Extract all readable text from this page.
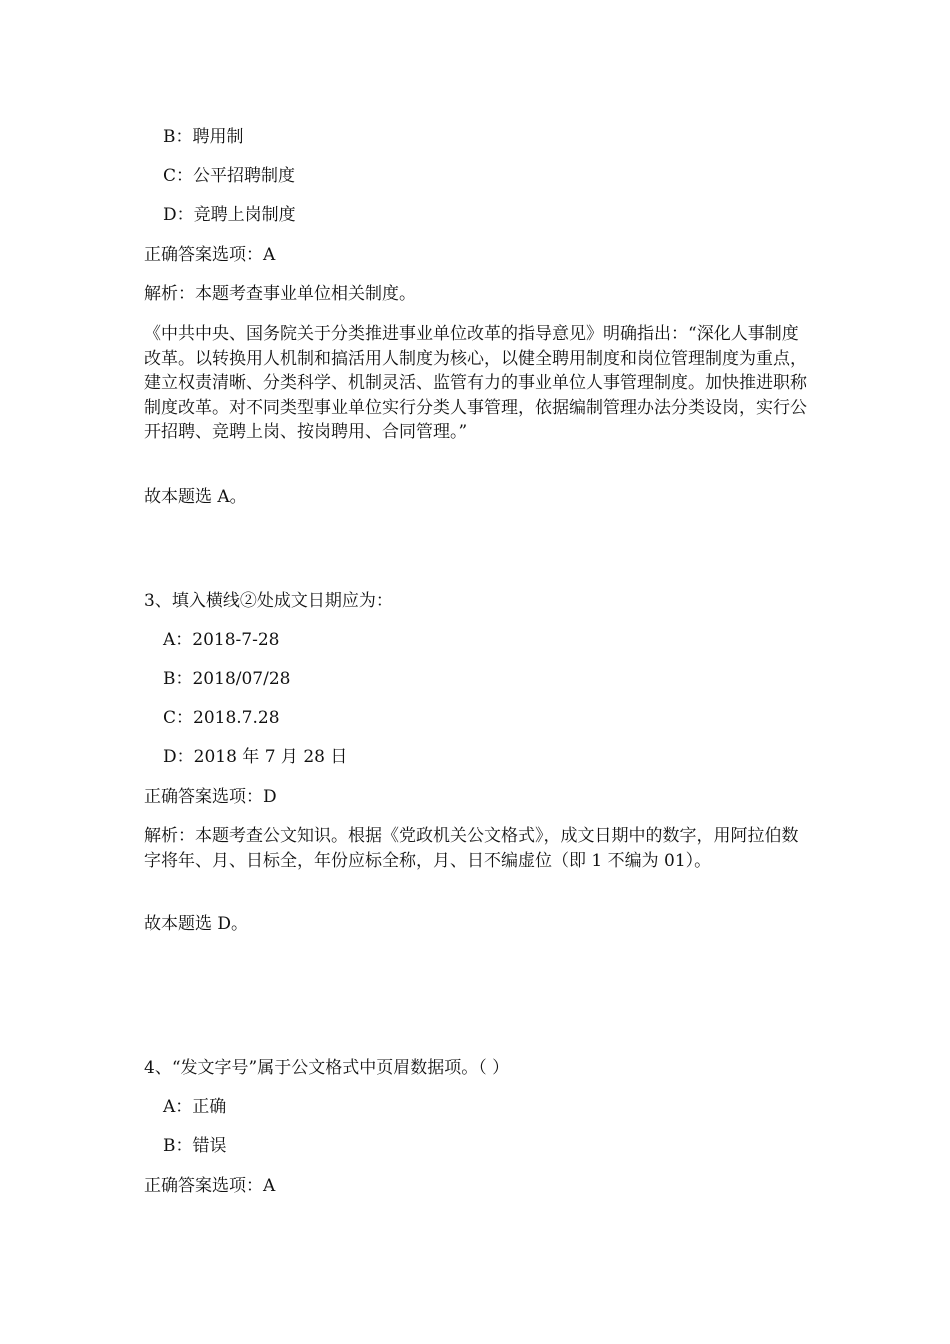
B：聘用制
C：公平招聘制度
D：竞聘上岗制度
正确答案选项：A
解析：本题考查事业单位相关制度。
《中共中央、国务院关于分类推进事业单位改革的指导意见》明确指出：“深化人事制度改革。以转换用人机制和搞活用人制度为核心，以健全聘用制度和岗位管理制度为重点，建立权责清晰、分类科学、机制灵活、监管有力的事业单位人事管理制度。加快推进职称制度改革。对不同类型事业单位实行分类人事管理，依据编制管理办法分类设岗，实行公开招聘、竞聘上岗、按岗聘用、合同管理。”
故本题选 A。
3、填入横线②处成文日期应为：
A：2018-7-28
B：2018/07/28
C：2018.7.28
D：2018 年 7 月 28 日
正确答案选项：D
解析：本题考查公文知识。根据《党政机关公文格式》，成文日期中的数字，用阿拉伯数字将年、月、日标全，年份应标全称，月、日不编虚位（即 1 不编为 01）。
故本题选 D。
4、“发文字号”属于公文格式中页眉数据项。（ ）
A：正确
B：错误
正确答案选项：A
